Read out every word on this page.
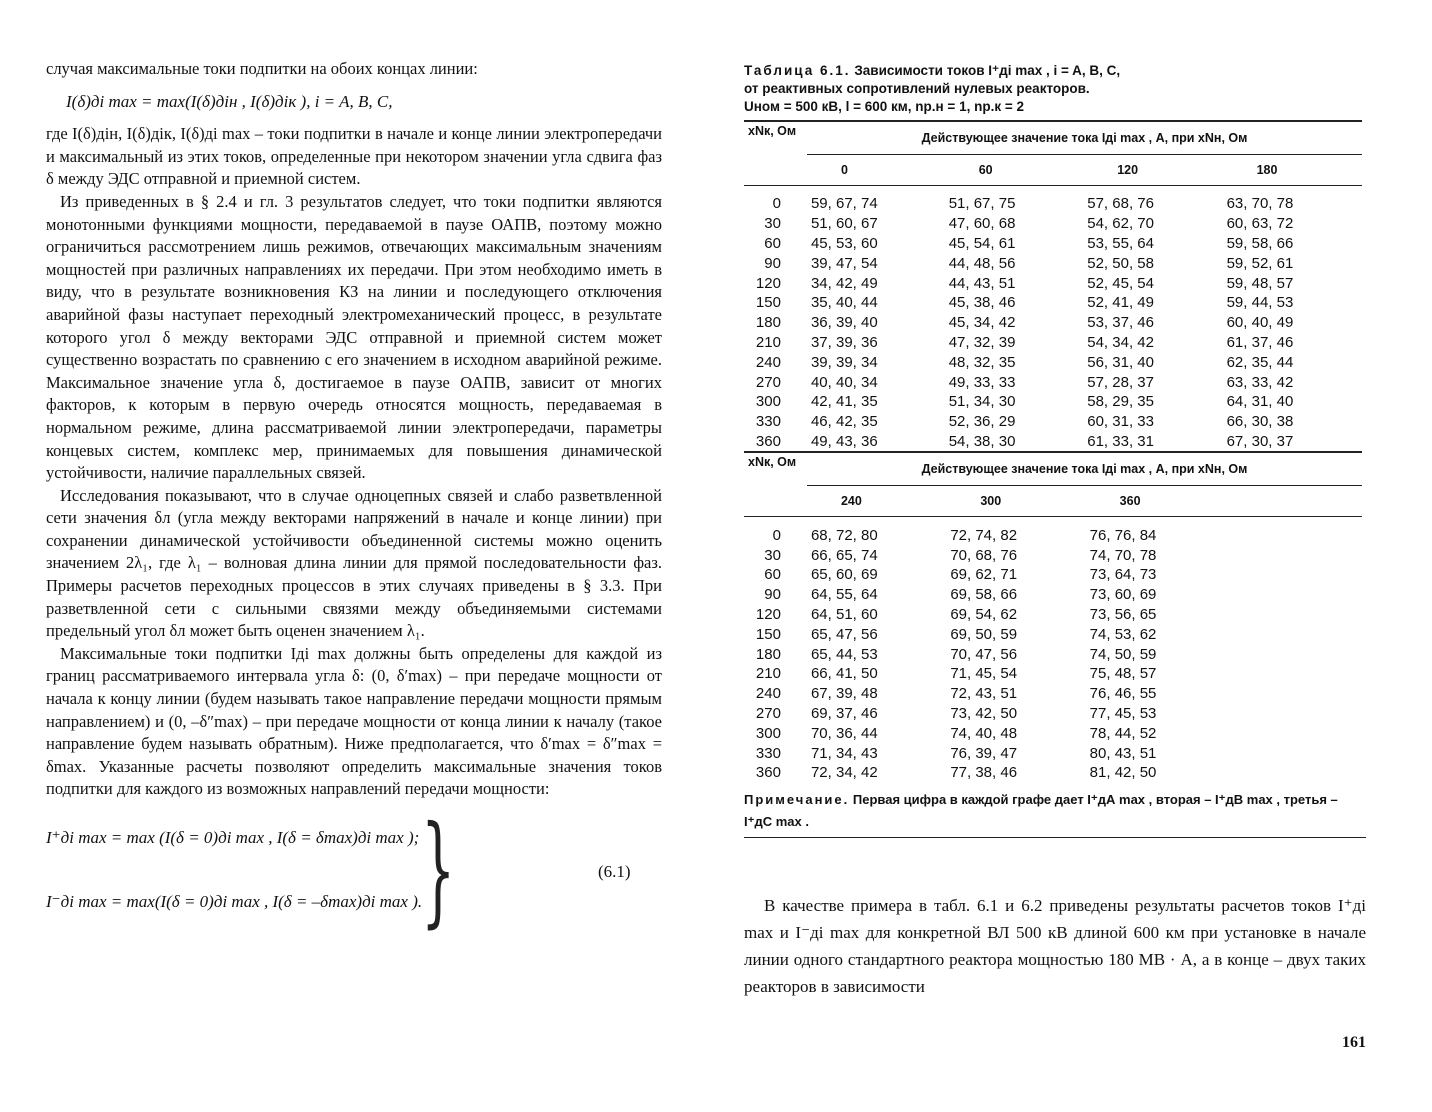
случая максимальные токи подпитки на обоих концах линии:

I(δ)ді max = max(I(δ)дін , I(δ)дік ), i = A, B, C,

где I(δ)дін, I(δ)дік, I(δ)ді max – токи подпитки в начале и конце линии электропередачи и максимальный из этих токов, определенные при некотором значении угла сдвига фаз δ между ЭДС отправной и приемной систем.

Из приведенных в § 2.4 и гл. 3 результатов следует, что токи подпитки являются монотонными функциями мощности, передаваемой в паузе ОАПВ, поэтому можно ограничиться рассмотрением лишь режимов, отвечающих максимальным значениям мощностей при различных направлениях их передачи. При этом необходимо иметь в виду, что в результате возникновения КЗ на линии и последующего отключения аварийной фазы наступает переходный электромеханический процесс, в результате которого угол δ между векторами ЭДС отправной и приемной систем может существенно возрастать по сравнению с его значением в исходном аварийной режиме. Максимальное значение угла δ, достигаемое в паузе ОАПВ, зависит от многих факторов, к которым в первую очередь относятся мощность, передаваемая в нормальном режиме, длина рассматриваемой линии электропередачи, параметры концевых систем, комплекс мер, принимаемых для повышения динамической устойчивости, наличие параллельных связей.

Исследования показывают, что в случае одноцепных связей и слабо разветвленной сети значения δл (угла между векторами напряжений в начале и конце линии) при сохранении динамической устойчивости объединенной системы можно оценить значением 2λ₁, где λ₁ – волновая длина линии для прямой последовательности фаз. Примеры расчетов переходных процессов в этих случаях приведены в § 3.3. При разветвленной сети с сильными связями между объединяемыми системами предельный угол δл может быть оценен значением λ₁.

Максимальные токи подпитки Iді max должны быть определены для каждой из границ рассматриваемого интервала угла δ: (0, δ′max) – при передаче мощности от начала к концу линии (будем называть такое направление передачи мощности прямым направлением) и (0, –δ″max) – при передаче мощности от конца линии к началу (такое направление будем называть обратным). Ниже предполагается, что δ′max = δ″max = δmax. Указанные расчеты позволяют определить максимальные значения токов подпитки для каждого из возможных направлений передачи мощности:

I⁺ді max = max (I(δ = 0)ді max , I(δ = δmax)ді max );
I⁻ді max = max(I(δ = 0)ді max , I(δ = –δmax)ді max ).
}	(6.1)
Таблица 6.1. Зависимости токов I⁺ді max , i = A, B, C,
от реактивных сопротивлений нулевых реакторов.
Uном = 500 кВ, l = 600 км, nр.н = 1, nр.к = 2
xNк, Ом	Действующее значение тока Iді max , А, при xNн, Ом			
	0	60	120	180

0	59, 67, 74	51, 67, 75	57, 68, 76	63, 70, 78
30	51, 60, 67	47, 60, 68	54, 62, 70	60, 63, 72
60	45, 53, 60	45, 54, 61	53, 55, 64	59, 58, 66
90	39, 47, 54	44, 48, 56	52, 50, 58	59, 52, 61
120	34, 42, 49	44, 43, 51	52, 45, 54	59, 48, 57
150	35, 40, 44	45, 38, 46	52, 41, 49	59, 44, 53
180	36, 39, 40	45, 34, 42	53, 37, 46	60, 40, 49
210	37, 39, 36	47, 32, 39	54, 34, 42	61, 37, 46
240	39, 39, 34	48, 32, 35	56, 31, 40	62, 35, 44
270	40, 40, 34	49, 33, 33	57, 28, 37	63, 33, 42
300	42, 41, 35	51, 34, 30	58, 29, 35	64, 31, 40
330	46, 42, 35	52, 36, 29	60, 31, 33	66, 30, 38
360	49, 43, 36	54, 38, 30	61, 33, 31	67, 30, 37
xNк, Ом	Действующее значение тока Iді max , А, при xNн, Ом			
	240	300	360	

0	68, 72, 80	72, 74, 82	76, 76, 84	
30	66, 65, 74	70, 68, 76	74, 70, 78	
60	65, 60, 69	69, 62, 71	73, 64, 73	
90	64, 55, 64	69, 58, 66	73, 60, 69	
120	64, 51, 60	69, 54, 62	73, 56, 65	
150	65, 47, 56	69, 50, 59	74, 53, 62	
180	65, 44, 53	70, 47, 56	74, 50, 59	
210	66, 41, 50	71, 45, 54	75, 48, 57	
240	67, 39, 48	72, 43, 51	76, 46, 55	
270	69, 37, 46	73, 42, 50	77, 45, 53	
300	70, 36, 44	74, 40, 48	78, 44, 52	
330	71, 34, 43	76, 39, 47	80, 43, 51	
360	72, 34, 42	77, 38, 46	81, 42, 50	
Примечание. Первая цифра в каждой графе дает I⁺дА max , вторая – I⁺дВ max , третья – I⁺дС max .

В качестве примера в табл. 6.1 и 6.2 приведены результаты расчетов токов I⁺ді max и I⁻ді max для конкретной ВЛ 500 кВ длиной 600 км при установке в начале линии одного стандартного реактора мощностью 180 МВ · А, а в конце – двух таких реакторов в зависимости

161
